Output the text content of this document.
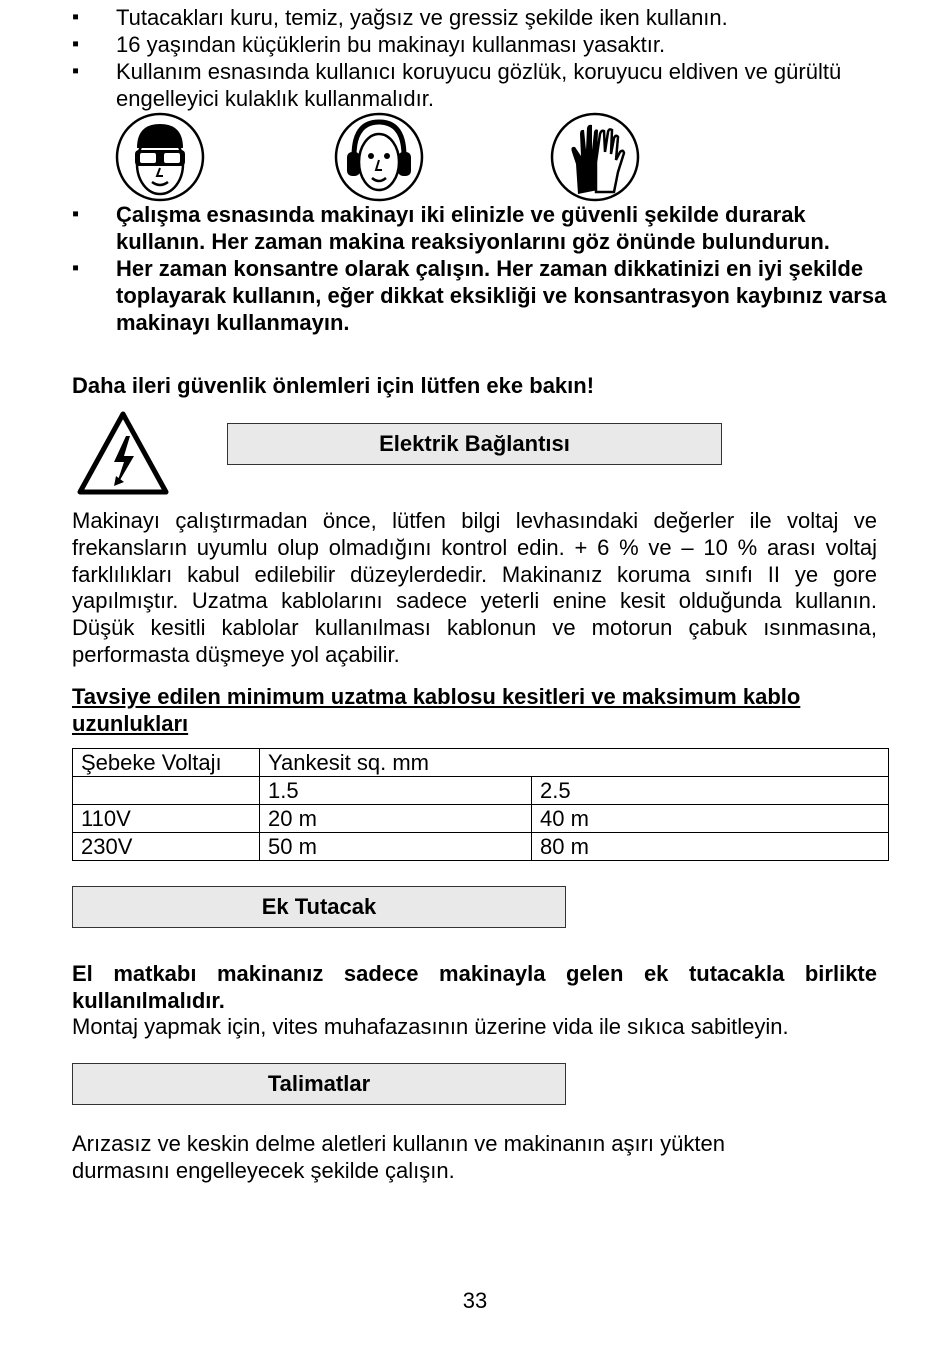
▪ Tutacakları kuru, temiz, yağsız ve gressiz şekilde iken kullanın.
▪ 16 yaşından küçüklerin bu makinayı kullanması yasaktır.
▪ Kullanım esnasında kullanıcı koruyucu gözlük, koruyucu eldiven ve gürültü engelleyici kulaklık kullanmalıdır.
▪ Çalışma esnasında makinayı iki elinizle ve güvenli şekilde durarak kullanın. Her zaman makina reaksiyonlarını göz önünde bulundurun.
▪ Her zaman konsantre olarak çalışın. Her zaman dikkatinizi en iyi şekilde toplayarak kullanın, eğer dikkat eksikliği ve konsantrasyon kaybınız varsa makinayı kullanmayın.
Daha ileri güvenlik önlemleri için lütfen eke bakın!
Elektrik Bağlantısı
Makinayı çalıştırmadan önce, lütfen bilgi levhasındaki değerler ile voltaj ve frekansların uyumlu olup olmadığını kontrol edin. + 6 % ve – 10 % arası voltaj farklılıkları kabul edilebilir düzeylerdedir. Makinanız koruma sınıfı II ye gore yapılmıştır. Uzatma kablolarını sadece yeterli enine kesit olduğunda kullanın. Düşük kesitli kablolar kullanılması kablonun ve motorun çabuk ısınmasına, performasta düşmeye yol açabilir.
Tavsiye edilen minimum uzatma kablosu kesitleri ve maksimum kablo uzunlukları
Şebeke Voltajı	Yankesit sq. mm	
	1.5	2.5
110V	20 m	40 m
230V	50 m	80 m
Ek Tutacak
El matkabı makinanız sadece makinayla gelen ek tutacakla birlikte kullanılmalıdır.
Montaj yapmak için, vites muhafazasının üzerine vida ile sıkıca sabitleyin.
Talimatlar
Arızasız ve keskin delme aletleri kullanın ve makinanın aşırı yükten durmasını engelleyecek şekilde çalışın.
33
